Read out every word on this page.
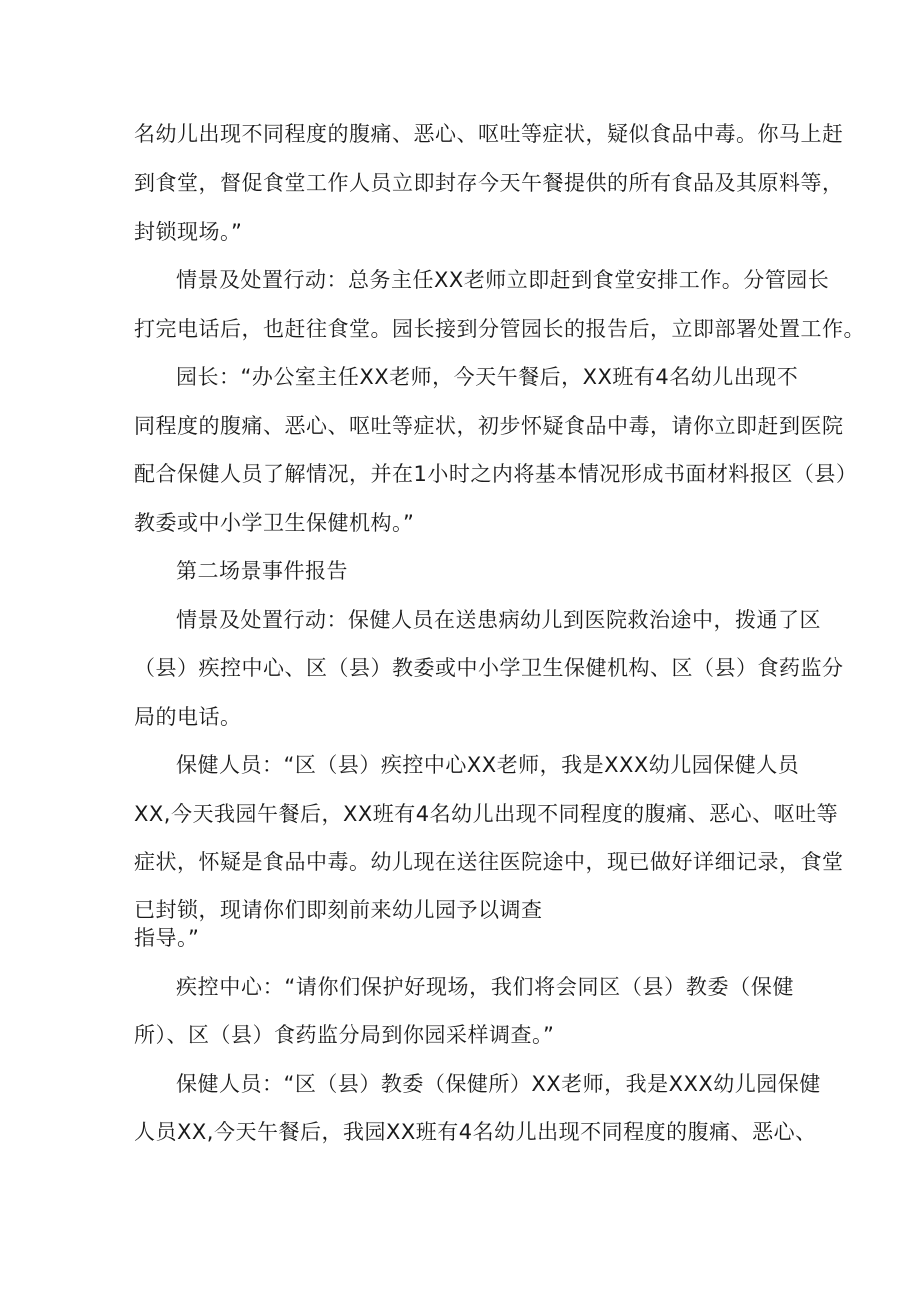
名幼儿出现不同程度的腹痛、恶心、呕吐等症状，疑似食品中毒。你马上赶
到食堂，督促食堂工作人员立即封存今天午餐提供的所有食品及其原料等，
封锁现场。”
情景及处置行动：总务主任XX老师立即赶到食堂安排工作。分管园长
打完电话后，也赶往食堂。园长接到分管园长的报告后，立即部署处置工作。
园长：“办公室主任XX老师，今天午餐后，XX班有4名幼儿出现不
同程度的腹痛、恶心、呕吐等症状，初步怀疑食品中毒，请你立即赶到医院
配合保健人员了解情况，并在1小时之内将基本情况形成书面材料报区（县）
教委或中小学卫生保健机构。”
第二场景事件报告
情景及处置行动：保健人员在送患病幼儿到医院救治途中，拨通了区
（县）疾控中心、区（县）教委或中小学卫生保健机构、区（县）食药监分
局的电话。
保健人员：“区（县）疾控中心XX老师，我是XXX幼儿园保健人员
XX,今天我园午餐后，XX班有4名幼儿出现不同程度的腹痛、恶心、呕吐等
症状，怀疑是食品中毒。幼儿现在送往医院途中，现已做好详细记录，食堂
已封锁，现请你们即刻前来幼儿园予以调查
指导。”
疾控中心：“请你们保护好现场，我们将会同区（县）教委（保健
所）、区（县）食药监分局到你园采样调查。”
保健人员：“区（县）教委（保健所）XX老师，我是XXX幼儿园保健
人员XX,今天午餐后，我园XX班有4名幼儿出现不同程度的腹痛、恶心、
